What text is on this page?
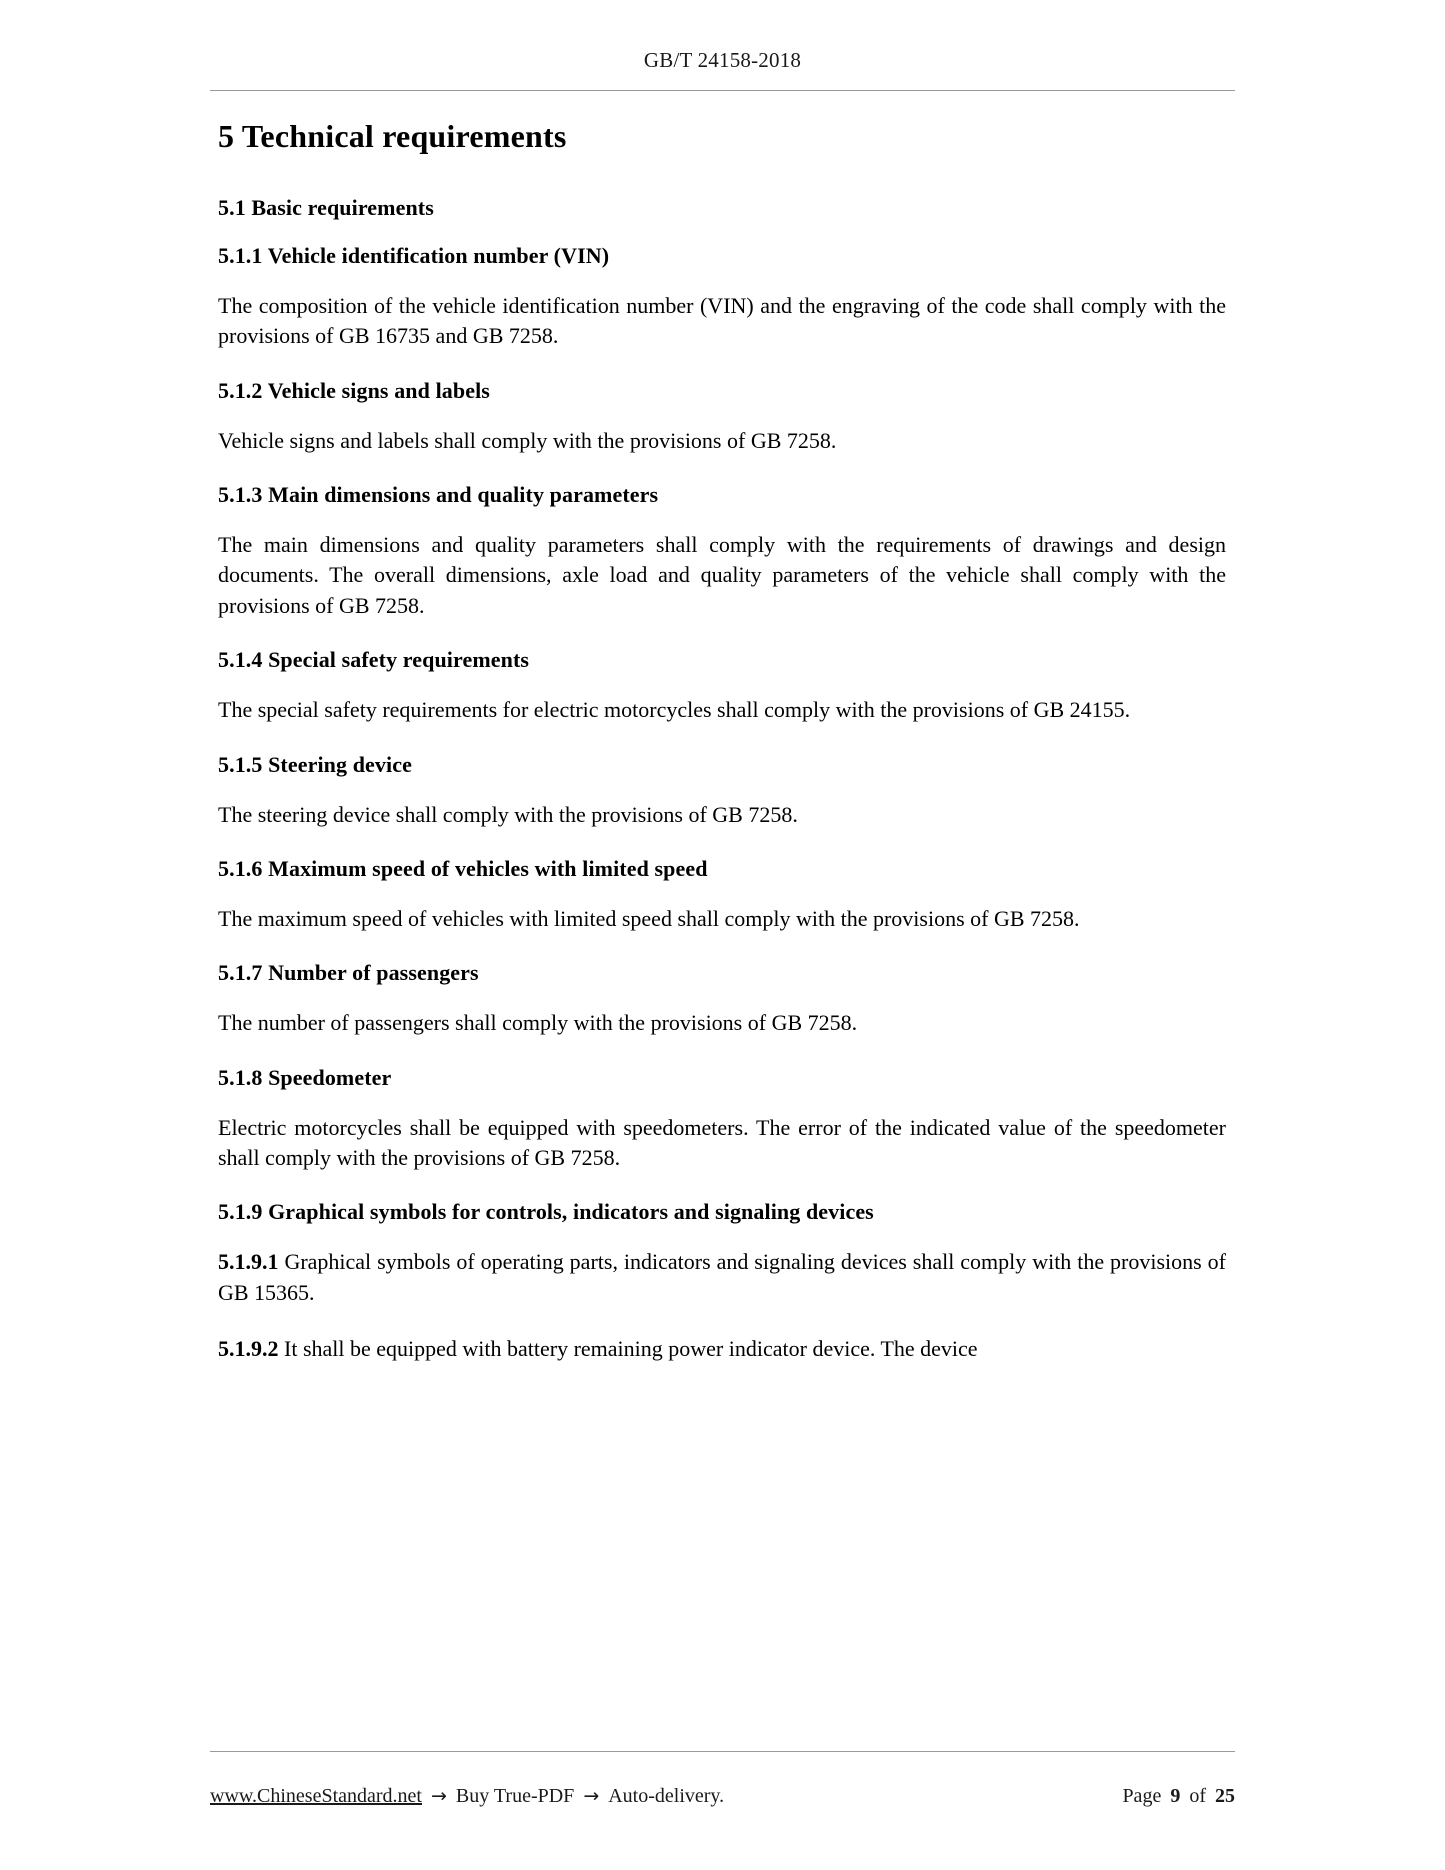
GB/T 24158-2018
5 Technical requirements
5.1 Basic requirements
5.1.1 Vehicle identification number (VIN)

The composition of the vehicle identification number (VIN) and the engraving of the code shall comply with the provisions of GB 16735 and GB 7258.

5.1.2 Vehicle signs and labels

Vehicle signs and labels shall comply with the provisions of GB 7258.

5.1.3 Main dimensions and quality parameters

The main dimensions and quality parameters shall comply with the requirements of drawings and design documents. The overall dimensions, axle load and quality parameters of the vehicle shall comply with the provisions of GB 7258.

5.1.4 Special safety requirements

The special safety requirements for electric motorcycles shall comply with the provisions of GB 24155.

5.1.5 Steering device

The steering device shall comply with the provisions of GB 7258.

5.1.6 Maximum speed of vehicles with limited speed

The maximum speed of vehicles with limited speed shall comply with the provisions of GB 7258.

5.1.7 Number of passengers

The number of passengers shall comply with the provisions of GB 7258.

5.1.8 Speedometer

Electric motorcycles shall be equipped with speedometers. The error of the indicated value of the speedometer shall comply with the provisions of GB 7258.

5.1.9 Graphical symbols for controls, indicators and signaling devices

5.1.9.1 Graphical symbols of operating parts, indicators and signaling devices shall comply with the provisions of GB 15365.

5.1.9.2 It shall be equipped with battery remaining power indicator device. The device

www.ChineseStandard.net → Buy True-PDF → Auto-delivery.	Page 9 of 25
